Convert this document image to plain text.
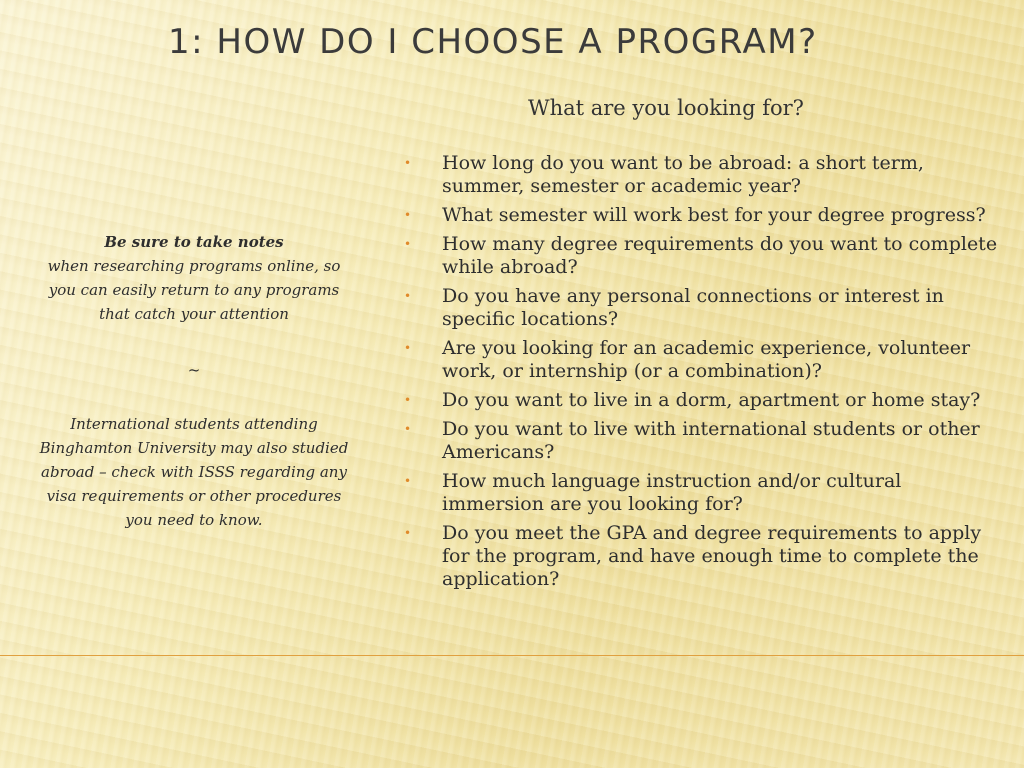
1: HOW DO I CHOOSE A PROGRAM?
What are you looking for?
• How long do you want to be abroad: a short term, summer, semester or academic year?
• What semester will work best for your degree progress?
• How many degree requirements do you want to complete while abroad?
• Do you have any personal connections or interest in specific locations?
• Are you looking for an academic experience, volunteer work, or internship (or a combination)?
• Do you want to live in a dorm, apartment or home stay?
• Do you want to live with international students or other Americans?
• How much language instruction and/or cultural immersion are you looking for?
• Do you meet the GPA and degree requirements to apply for the program, and have enough time to complete the application?
Be sure to take notes
when researching programs online, so you can easily return to any programs that catch your attention
~
International students attending Binghamton University may also studied abroad – check with ISSS regarding any visa requirements or other procedures you need to know.
